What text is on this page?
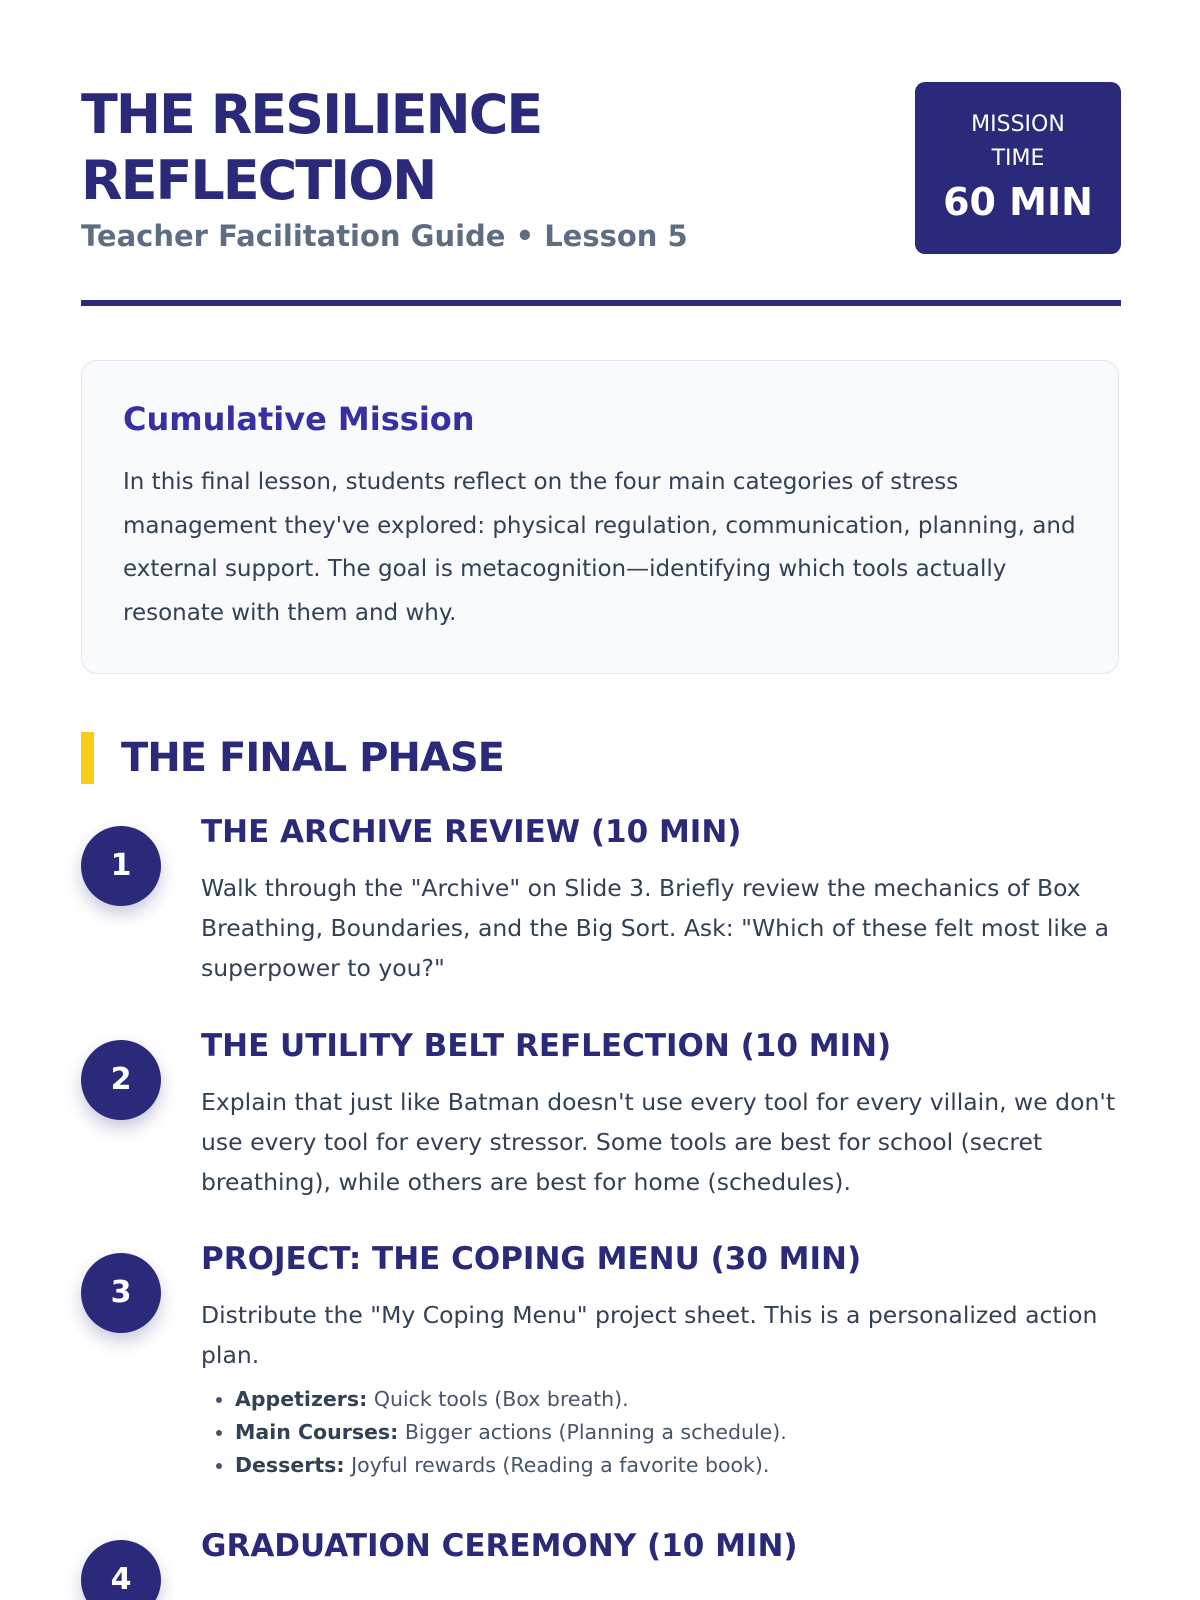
THE RESILIENCE REFLECTION
Teacher Facilitation Guide • Lesson 5
MISSION TIME
60 MIN
Cumulative Mission

In this final lesson, students reflect on the four main categories of stress management they've explored: physical regulation, communication, planning, and external support. The goal is metacognition—identifying which tools actually resonate with them and why.

THE FINAL PHASE
1
THE ARCHIVE REVIEW (10 MIN)

Walk through the "Archive" on Slide 3. Briefly review the mechanics of Box Breathing, Boundaries, and the Big Sort. Ask: "Which of these felt most like a superpower to you?"

2
THE UTILITY BELT REFLECTION (10 MIN)

Explain that just like Batman doesn't use every tool for every villain, we don't use every tool for every stressor. Some tools are best for school (secret breathing), while others are best for home (schedules).

3
PROJECT: THE COPING MENU (30 MIN)

Distribute the "My Coping Menu" project sheet. This is a personalized action plan.

• Appetizers: Quick tools (Box breath).
• Main Courses: Bigger actions (Planning a schedule).
• Desserts: Joyful rewards (Reading a favorite book).
4
GRADUATION CEREMONY (10 MIN)
